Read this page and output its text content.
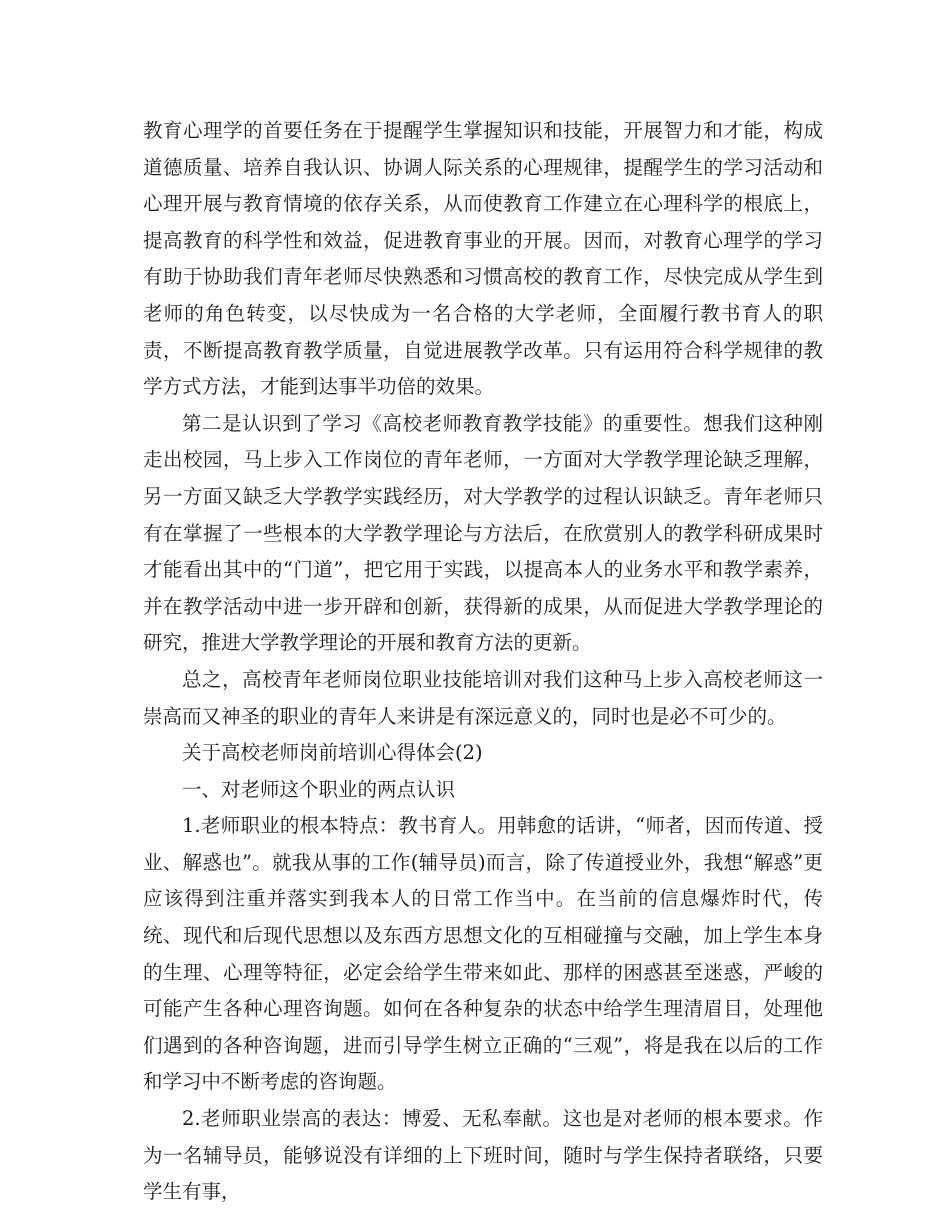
教育心理学的首要任务在于提醒学生掌握知识和技能，开展智力和才能，构成道德质量、培养自我认识、协调人际关系的心理规律，提醒学生的学习活动和心理开展与教育情境的依存关系，从而使教育工作建立在心理科学的根底上，提高教育的科学性和效益，促进教育事业的开展。因而，对教育心理学的学习有助于协助我们青年老师尽快熟悉和习惯高校的教育工作，尽快完成从学生到老师的角色转变，以尽快成为一名合格的大学老师，全面履行教书育人的职责，不断提高教育教学质量，自觉进展教学改革。只有运用符合科学规律的教学方式方法，才能到达事半功倍的效果。

第二是认识到了学习《高校老师教育教学技能》的重要性。想我们这种刚走出校园，马上步入工作岗位的青年老师，一方面对大学教学理论缺乏理解，另一方面又缺乏大学教学实践经历，对大学教学的过程认识缺乏。青年老师只有在掌握了一些根本的大学教学理论与方法后，在欣赏别人的教学科研成果时才能看出其中的“门道”，把它用于实践，以提高本人的业务水平和教学素养，并在教学活动中进一步开辟和创新，获得新的成果，从而促进大学教学理论的研究，推进大学教学理论的开展和教育方法的更新。

总之，高校青年老师岗位职业技能培训对我们这种马上步入高校老师这一崇高而又神圣的职业的青年人来讲是有深远意义的，同时也是必不可少的。

关于高校老师岗前培训心得体会(2)

一、对老师这个职业的两点认识

1.老师职业的根本特点：教书育人。用韩愈的话讲，“师者，因而传道、授业、解惑也”。就我从事的工作(辅导员)而言，除了传道授业外，我想“解惑”更应该得到注重并落实到我本人的日常工作当中。在当前的信息爆炸时代，传统、现代和后现代思想以及东西方思想文化的互相碰撞与交融，加上学生本身的生理、心理等特征，必定会给学生带来如此、那样的困惑甚至迷惑，严峻的可能产生各种心理咨询题。如何在各种复杂的状态中给学生理清眉目，处理他们遇到的各种咨询题，进而引导学生树立正确的“三观”，将是我在以后的工作和学习中不断考虑的咨询题。

2.老师职业崇高的表达：博爱、无私奉献。这也是对老师的根本要求。作为一名辅导员，能够说没有详细的上下班时间，随时与学生保持者联络，只要学生有事，
